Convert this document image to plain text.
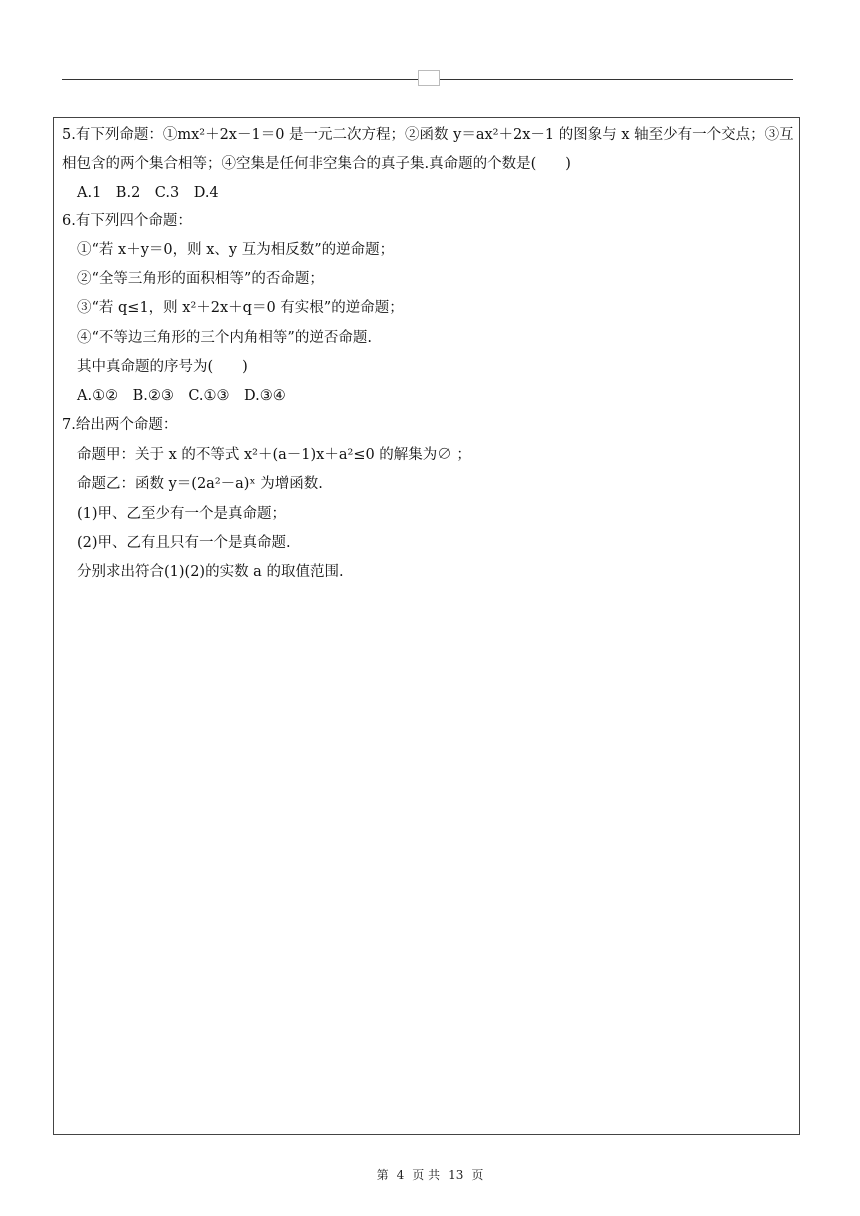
5.有下列命题：①mx²＋2x－1＝0 是一元二次方程；②函数 y＝ax²＋2x－1 的图象与 x 轴至少有一个交点；③互
相包含的两个集合相等；④空集是任何非空集合的真子集.真命题的个数是(　　)
A.1　B.2　C.3　D.4
6.有下列四个命题：
①“若 x＋y＝0，则 x、y 互为相反数”的逆命题；
②“全等三角形的面积相等”的否命题；
③“若 q≤1，则 x²＋2x＋q＝0 有实根”的逆命题；
④“不等边三角形的三个内角相等”的逆否命题.
其中真命题的序号为(　　)
A.①②　B.②③　C.①③　D.③④
7.给出两个命题：
命题甲：关于 x 的不等式 x²＋(a－1)x＋a²≤0 的解集为∅ ；
命题乙：函数 y＝(2a²－a)ˣ 为增函数.
(1)甲、乙至少有一个是真命题；
(2)甲、乙有且只有一个是真命题.
分别求出符合(1)(2)的实数 a 的取值范围.
第 4 页 共 13 页
